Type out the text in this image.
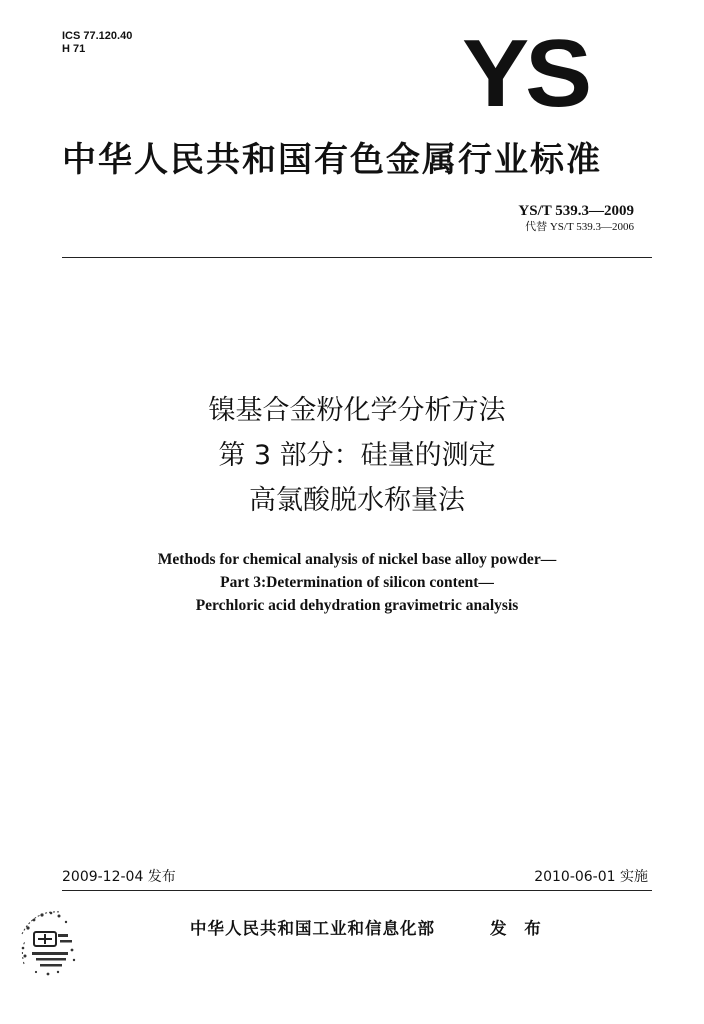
ICS 77.120.40
H 71	YS
中华人民共和国有色金属行业标准
YS/T 539.3—2009
代替 YS/T 539.3—2006
镍基合金粉化学分析方法
第 3 部分：硅量的测定
高氯酸脱水称量法
Methods for chemical analysis of nickel base alloy powder—
Part 3:Determination of silicon content—
Perchloric acid dehydration gravimetric analysis
2009-12-04 发布	2010-06-01 实施
中华人民共和国工业和信息化部	发 布
